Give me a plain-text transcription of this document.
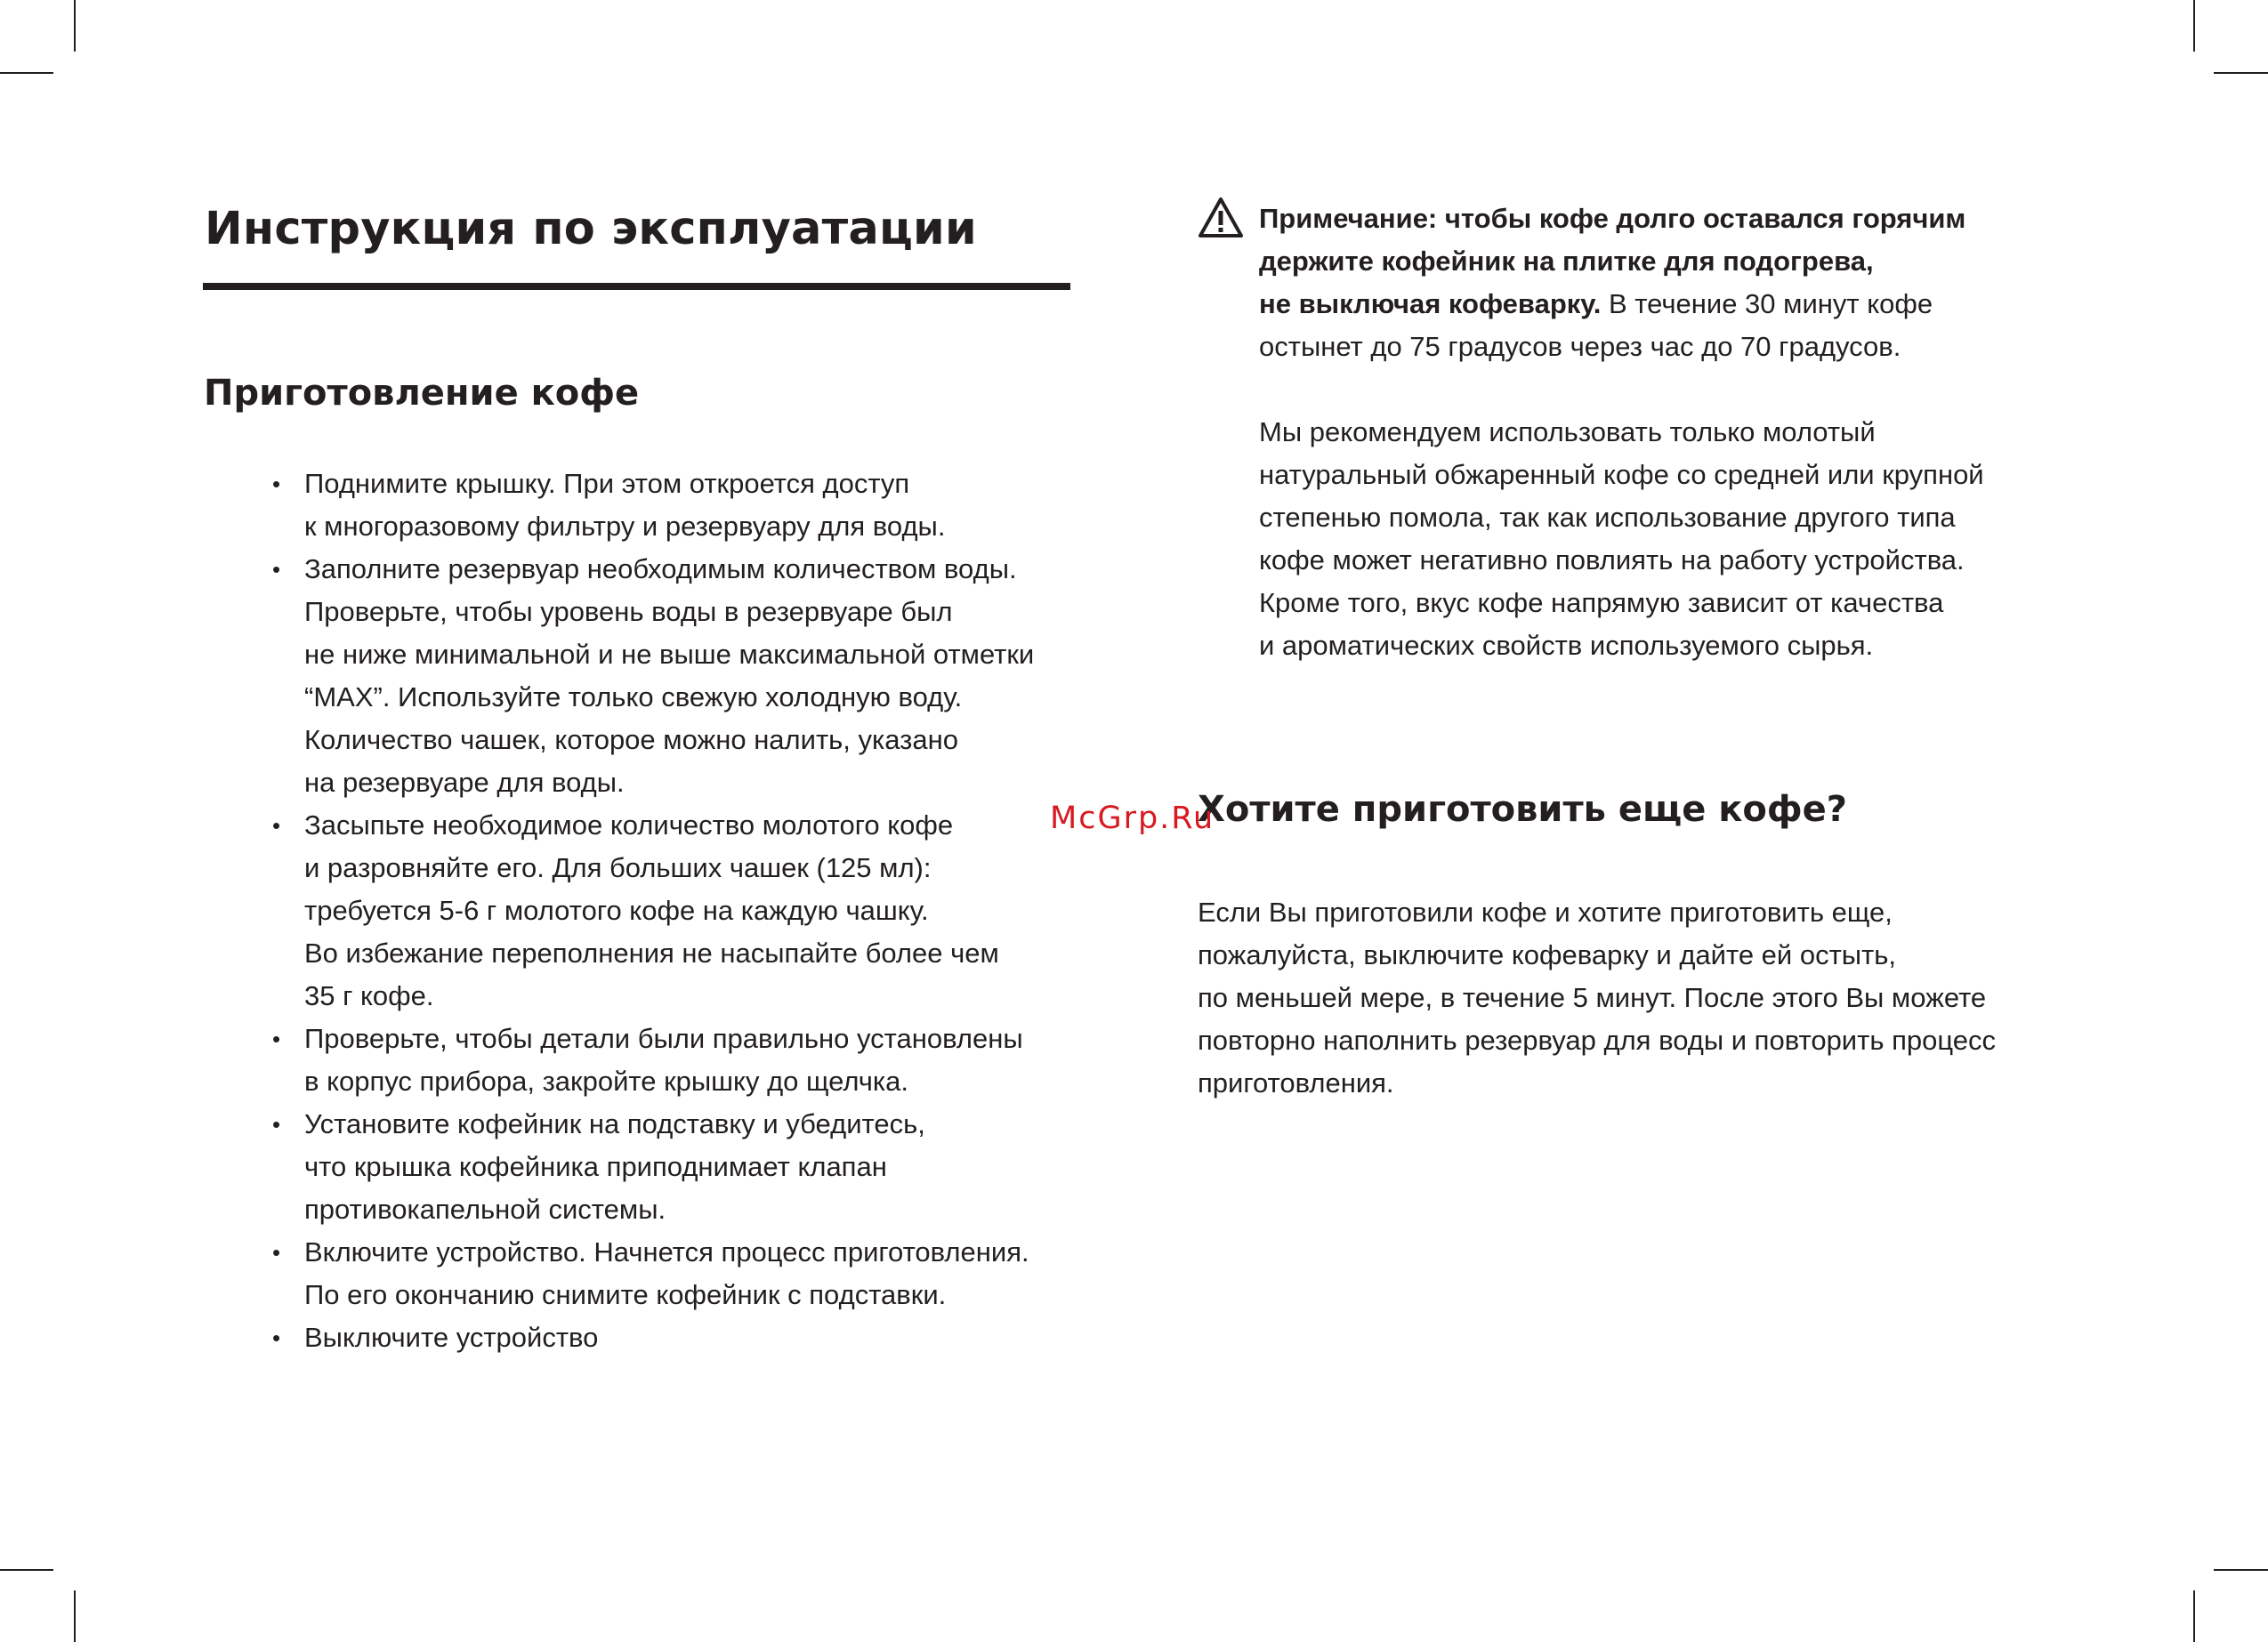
Инструкция по эксплуатации
Приготовление кофе
• Поднимите крышку. При этом откроется доступ
к многоразовому фильтру и резервуару для воды.
• Заполните резервуар необходимым количеством воды.
Проверьте, чтобы уровень воды в резервуаре был
не ниже минимальной и не выше максимальной отметки
“MAX”. Используйте только свежую холодную воду.
Количество чашек, которое можно налить, указано
на резервуаре для воды.
• Засыпьте необходимое количество молотого кофе
и разровняйте его. Для больших чашек (125 мл):
требуется 5-6 г молотого кофе на каждую чашку.
Во избежание переполнения не насыпайте более чем
35 г кофе.
• Проверьте, чтобы детали были правильно установлены
в корпус прибора, закройте крышку до щелчка.
• Установите кофейник на подставку и убедитесь,
что крышка кофейника приподнимает клапан
противокапельной системы.
• Включите устройство. Начнется процесс приготовления.
По его окончанию снимите кофейник с подставки.
• Выключите устройство
Примечание: чтобы кофе долго оставался горячим
держите кофейник на плитке для подогрева,
не выключая кофеварку. В течение 30 минут кофе
остынет до 75 градусов через час до 70 градусов.
Мы рекомендуем использовать только молотый
натуральный обжаренный кофе со средней или крупной
степенью помола, так как использование другого типа
кофе может негативно повлиять на работу устройства.
Кроме того, вкус кофе напрямую зависит от качества
и ароматических свойств используемого сырья.
Хотите приготовить еще кофе?
Если Вы приготовили кофе и хотите приготовить еще,
пожалуйста, выключите кофеварку и дайте ей остыть,
по меньшей мере, в течение 5 минут. После этого Вы можете
повторно наполнить резервуар для воды и повторить процесс
приготовления.
McGrp.Ru
